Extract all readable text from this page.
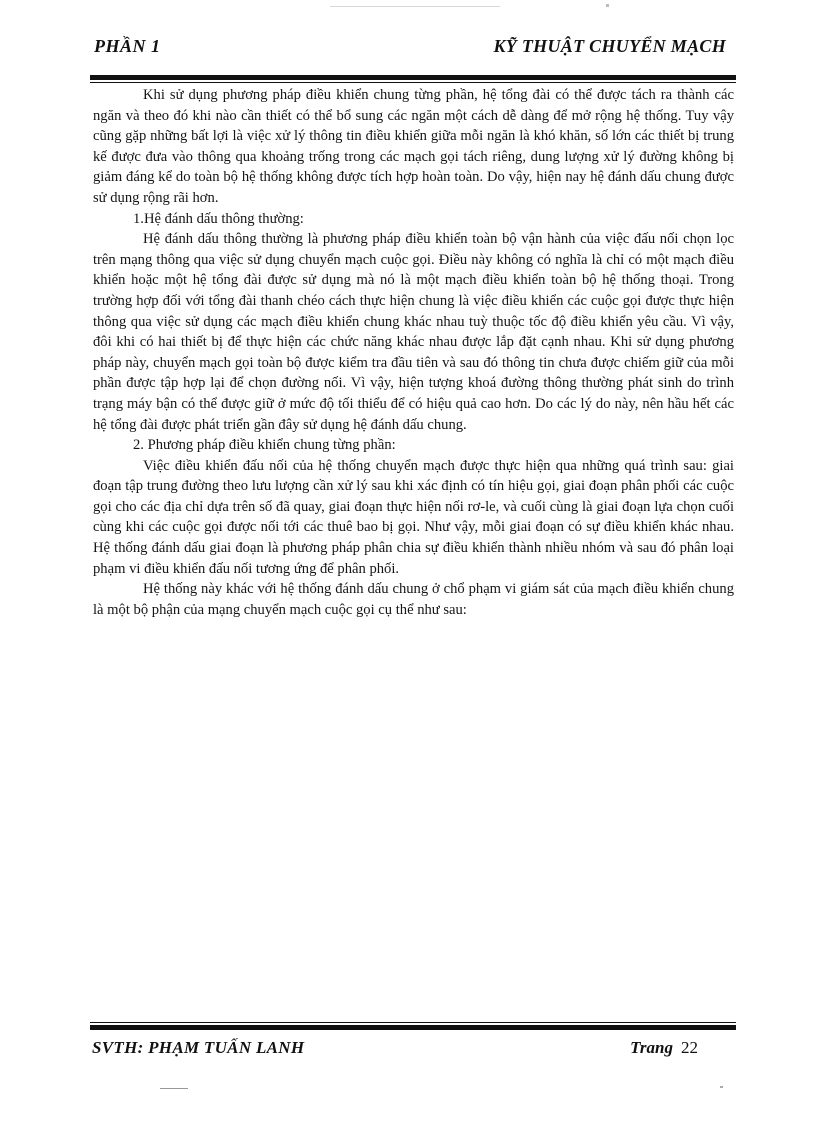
PHẦN 1	KỸ THUẬT CHUYỂN MẠCH

Khi sử dụng phương pháp điều khiển chung từng phần, hệ tổng đài có thể được tách ra thành các ngăn và theo đó khi nào cần thiết có thể bổ sung các ngăn một cách dễ dàng để mở rộng hệ thống. Tuy vậy cũng gặp những bất lợi là việc xử lý thông tin điều khiển giữa mỗi ngăn là khó khăn, số lớn các thiết bị trung kế được đưa vào thông qua khoảng trống trong các mạch gọi tách riêng, dung lượng xử lý đường không bị giảm đáng kể do toàn bộ hệ thống không được tích hợp hoàn toàn. Do vậy, hiện nay hệ đánh dấu chung được sử dụng rộng rãi hơn.

1.Hệ đánh dấu thông thường:

Hệ đánh dấu thông thường là phương pháp điều khiển toàn bộ vận hành của việc đấu nối chọn lọc trên mạng thông qua việc sử dụng chuyển mạch cuộc gọi. Điều này không có nghĩa là chỉ có một mạch điều khiển hoặc một hệ tổng đài được sử dụng mà nó là một mạch điều khiển toàn bộ hệ thống thoại. Trong trường hợp đối với tổng đài thanh chéo cách thực hiện chung là việc điều khiển các cuộc gọi được thực hiện thông qua việc sử dụng các mạch điều khiển chung khác nhau tuỳ thuộc tốc độ điều khiển yêu cầu. Vì vậy, đôi khi có hai thiết bị để thực hiện các chức năng khác nhau được lắp đặt cạnh nhau. Khi sử dụng phương pháp này, chuyển mạch gọi toàn bộ được kiểm tra đầu tiên và sau đó thông tin chưa được chiếm giữ của mỗi phần được tập hợp lại để chọn đường nối. Vì vậy, hiện tượng khoá đường thông thường phát sinh do trình trạng máy bận có thể được giữ ở mức độ tối thiểu để có hiệu quả cao hơn. Do các lý do này, nên hầu hết các hệ tổng đài được phát triển gần đây sử dụng hệ đánh dấu chung.

2. Phương pháp điều khiển chung từng phần:

Việc điều khiển đấu nối của hệ thống chuyển mạch được thực hiện qua những quá trình sau: giai đoạn tập trung đường theo lưu lượng cần xử lý sau khi xác định có tín hiệu gọi, giai đoạn phân phối các cuộc gọi cho các địa chỉ dựa trên số đã quay, giai đoạn thực hiện nối rơ-le, và cuối cùng là giai đoạn lựa chọn cuối cùng khi các cuộc gọi được nối tới các thuê bao bị gọi. Như vậy, mỗi giai đoạn có sự điều khiển khác nhau. Hệ thống đánh dấu giai đoạn là phương pháp phân chia sự điều khiển thành nhiều nhóm và sau đó phân loại phạm vi điều khiển đấu nối tương ứng để phân phối.

Hệ thống này khác với hệ thống đánh dấu chung ở chổ phạm vi giám sát của mạch điều khiển chung là một bộ phận của mạng chuyển mạch cuộc gọi cụ thể như sau:

SVTH: PHẠM TUẤN LANH	Trang 22
